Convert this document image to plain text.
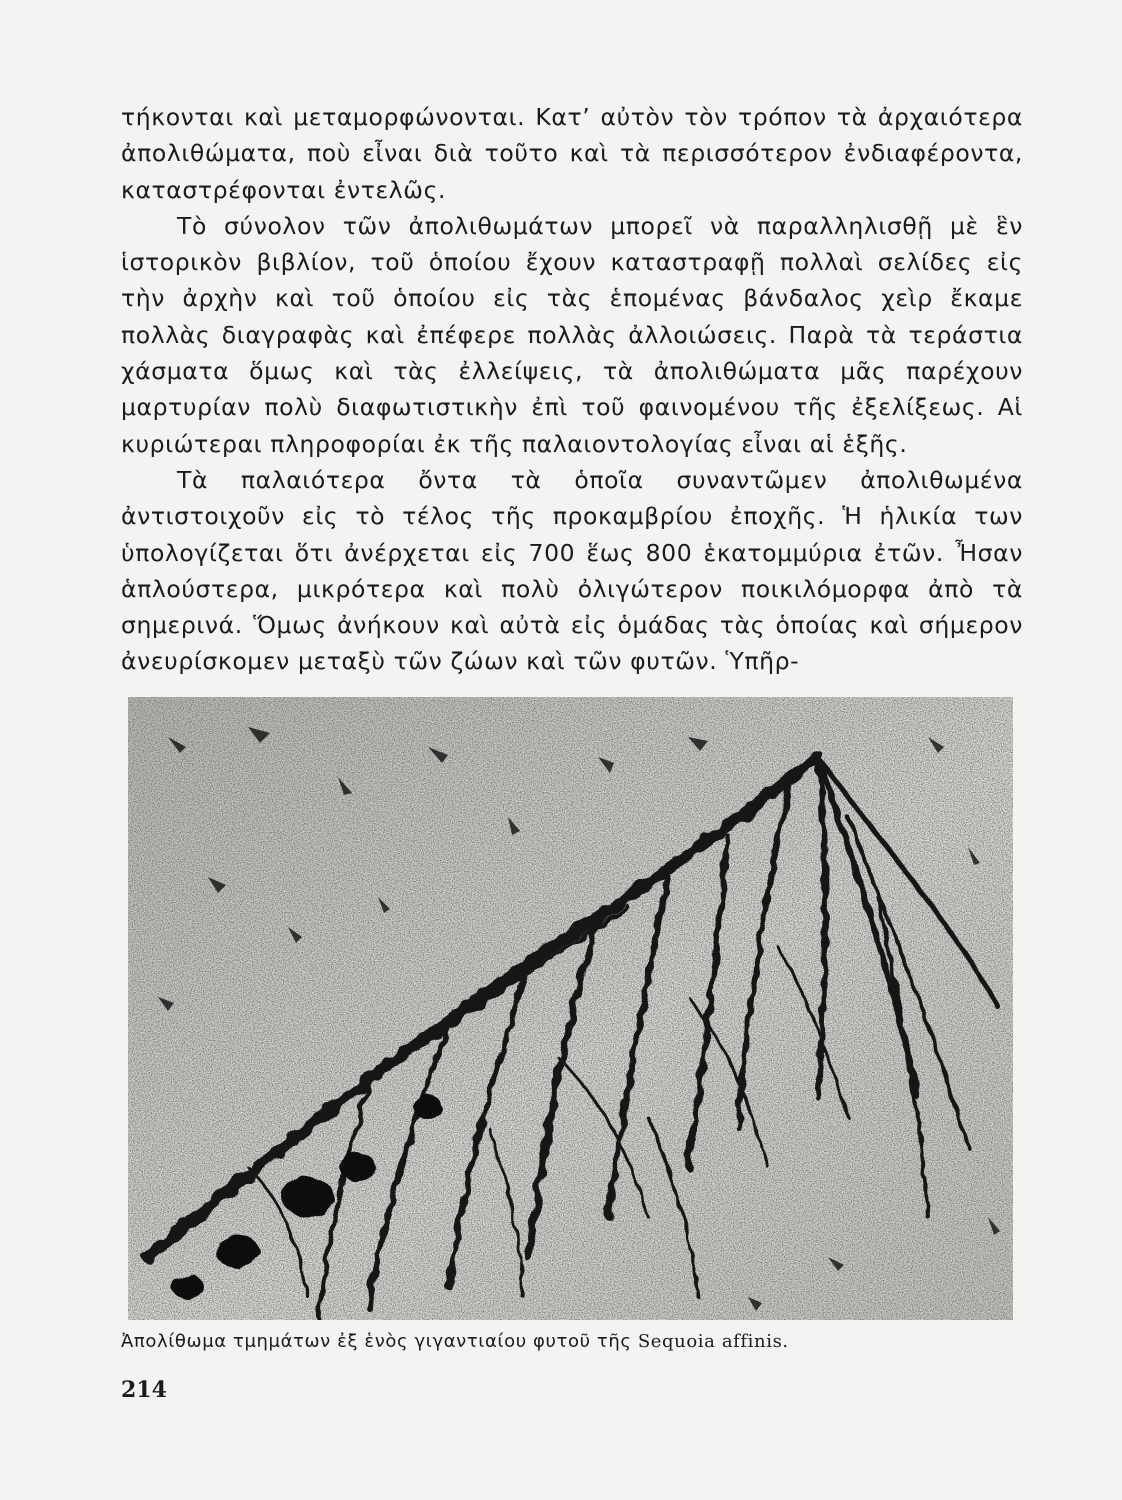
τήκονται καὶ μεταμορφώνονται. Κατ’ αὐτὸν τὸν τρόπον τὰ ἀρχαιότερα ἀπολιθώματα, ποὺ εἶναι διὰ τοῦτο καὶ τὰ περισσότερον ἐνδιαφέροντα, καταστρέφονται ἐντελῶς.

Τὸ σύνολον τῶν ἀπολιθωμάτων μπορεῖ νὰ παραλληλισθῇ μὲ ἓν ἱστορικὸν βιβλίον, τοῦ ὁποίου ἔχουν καταστραφῇ πολλαὶ σελίδες εἰς τὴν ἀρχὴν καὶ τοῦ ὁποίου εἰς τὰς ἑπομένας βάνδαλος χεὶρ ἔκαμε πολλὰς διαγραφὰς καὶ ἐπέφερε πολλὰς ἀλλοιώσεις. Παρὰ τὰ τεράστια χάσματα ὅμως καὶ τὰς ἐλλείψεις, τὰ ἀπολιθώματα μᾶς παρέχουν μαρτυρίαν πολὺ διαφωτιστικὴν ἐπὶ τοῦ φαινομένου τῆς ἐξελίξεως. Αἱ κυριώτεραι πληροφορίαι ἐκ τῆς παλαιοντολογίας εἶναι αἱ ἑξῆς.

Τὰ παλαιότερα ὄντα τὰ ὁποῖα συναντῶμεν ἀπολιθωμένα ἀντιστοιχοῦν εἰς τὸ τέλος τῆς προκαμβρίου ἐποχῆς. Ἡ ἡλικία των ὑπολογίζεται ὅτι ἀνέρχεται εἰς 700 ἕως 800 ἑκατομμύρια ἐτῶν. Ἦσαν ἁπλούστερα, μικρότερα καὶ πολὺ ὀλιγώτερον ποικιλόμορφα ἀπὸ τὰ σημερινά. Ὅμως ἀνήκουν καὶ αὐτὰ εἰς ὁμάδας τὰς ὁποίας καὶ σήμερον ἀνευρίσκομεν μεταξὺ τῶν ζώων καὶ τῶν φυτῶν. Ὑπῆρ-

Ἀπολίθωμα τμημάτων ἐξ ἑνὸς γιγαντιαίου φυτοῦ τῆς Sequoia affinis.
214
